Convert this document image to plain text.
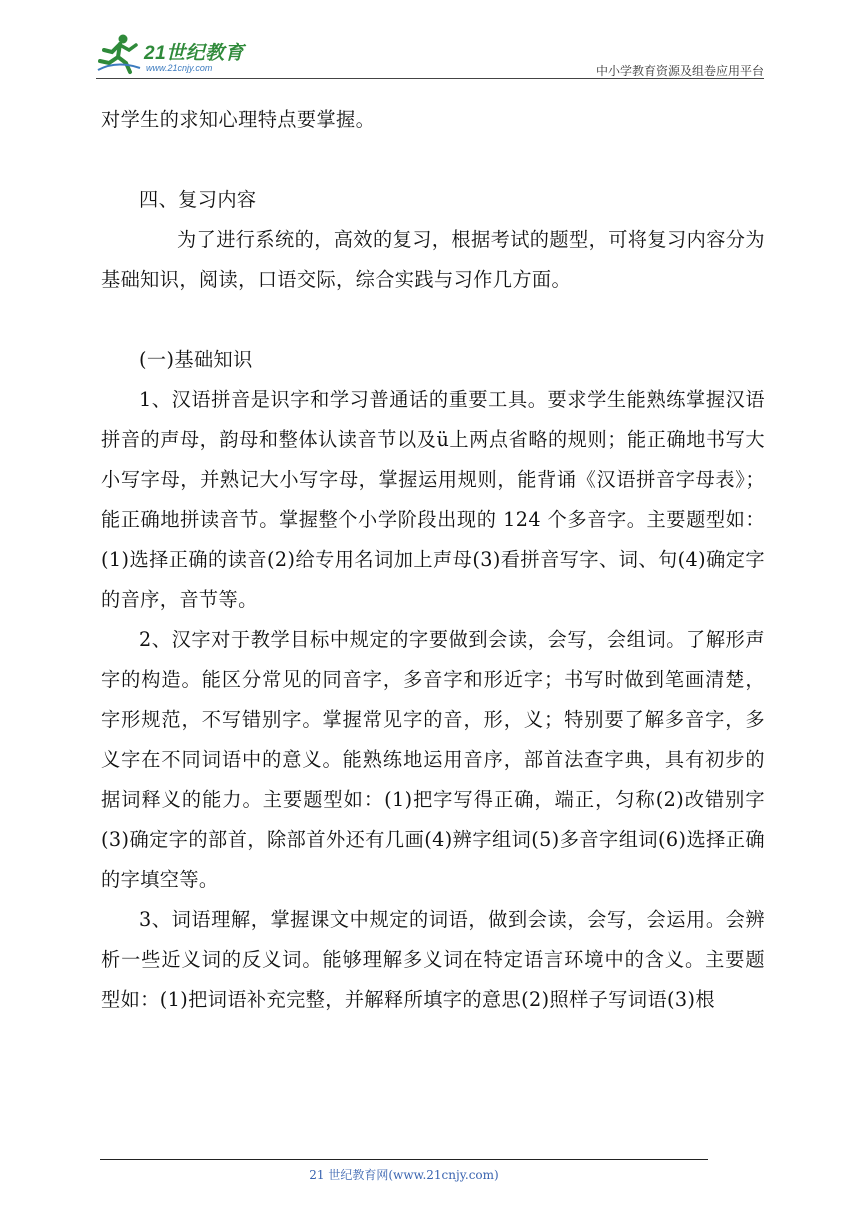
21世纪教育
www.21cnjy.com	中小学教育资源及组卷应用平台

对学生的求知心理特点要掌握。

四、复习内容

为了进行系统的，高效的复习，根据考试的题型，可将复习内容分为基础知识，阅读，口语交际，综合实践与习作几方面。

(一)基础知识

1、汉语拼音是识字和学习普通话的重要工具。要求学生能熟练掌握汉语拼音的声母，韵母和整体认读音节以及ü上两点省略的规则；能正确地书写大小写字母，并熟记大小写字母，掌握运用规则，能背诵《汉语拼音字母表》；能正确地拼读音节。掌握整个小学阶段出现的 124 个多音字。主要题型如：(1)选择正确的读音(2)给专用名词加上声母(3)看拼音写字、词、句(4)确定字的音序，音节等。

2、汉字对于教学目标中规定的字要做到会读，会写，会组词。了解形声字的构造。能区分常见的同音字，多音字和形近字；书写时做到笔画清楚，字形规范，不写错别字。掌握常见字的音，形，义；特别要了解多音字，多义字在不同词语中的意义。能熟练地运用音序，部首法查字典，具有初步的据词释义的能力。主要题型如：(1)把字写得正确，端正，匀称(2)改错别字(3)确定字的部首，除部首外还有几画(4)辨字组词(5)多音字组词(6)选择正确的字填空等。

3、词语理解，掌握课文中规定的词语，做到会读，会写，会运用。会辨析一些近义词的反义词。能够理解多义词在特定语言环境中的含义。主要题型如：(1)把词语补充完整，并解释所填字的意思(2)照样子写词语(3)根

21 世纪教育网(www.21cnjy.com)
